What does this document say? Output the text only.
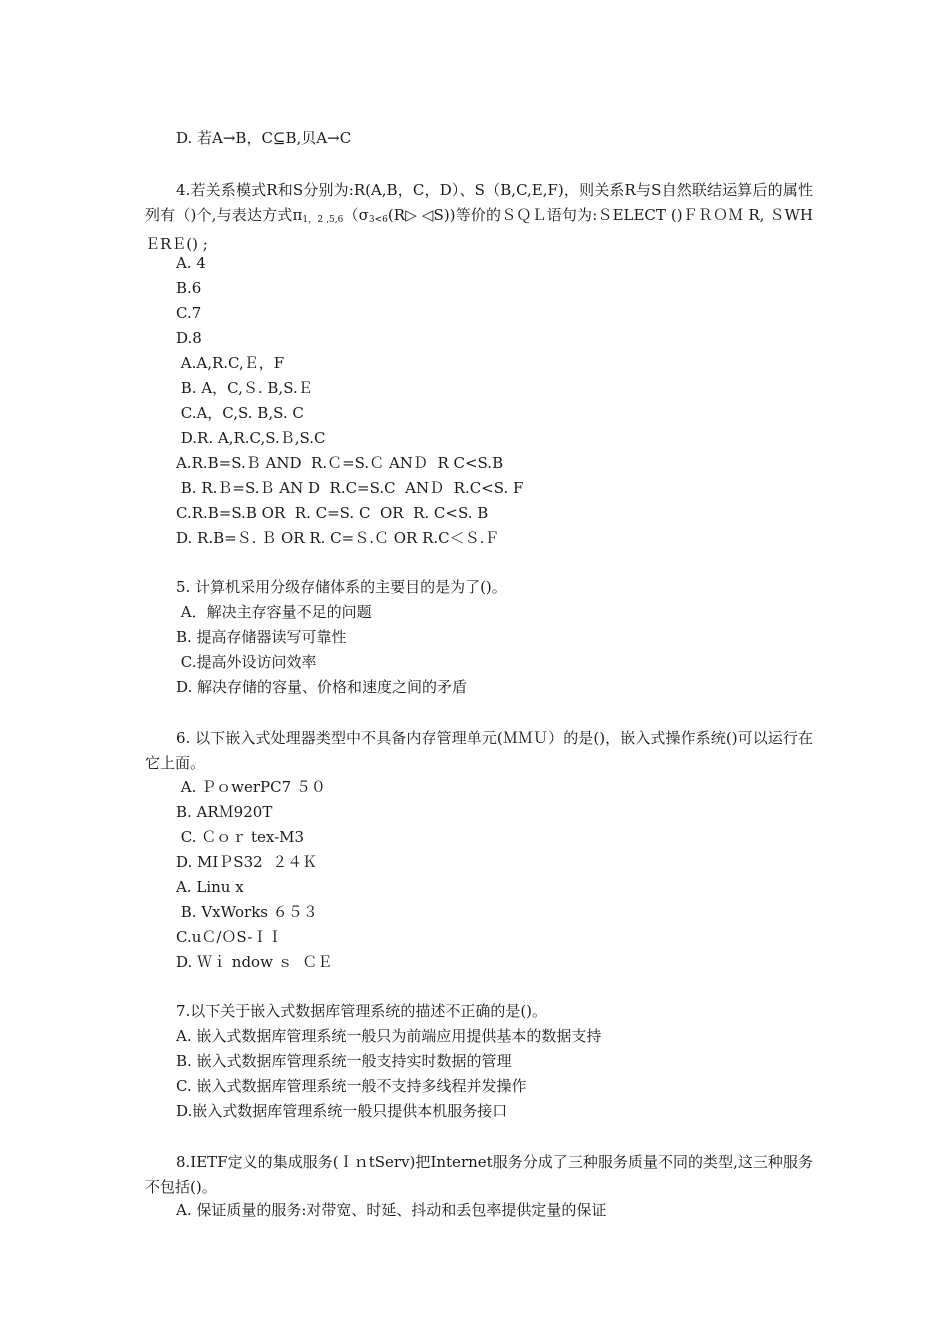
D. 若A→B，C⊆B,贝A→C
4.若关系模式R和S分别为:R(A,B，C，D）、S（B,C,E,F)，则关系R与S自然联结运算后的属性列有（)个,与表达方式$\pi_{1,2 ,5,6}(\sigma_{3<6}(R▷$ ◁S))等价的ＳＱＬ语句为:ＳELECT ()ＦＲＯＭ R, ＳWHＥRＥ() ;
A. 4
B.6
C.7
D.8
A.A,R.C,Ｅ，F
B. A，C,Ｓ. B,S.Ｅ
C.A，C,S. B,S. C
D.R. A,R.C,S.Ｂ,S.C
A.R.B=S.Ｂ AND  R.Ｃ=S.Ｃ ANＤ  R C<S.B
B. R.Ｂ=S.Ｂ AN D  R.C=S.C  ANＤ  R.C<S. F
C.R.B=S.B OR  R. C=S. C  OR  R. C<S. B
D. R.B=Ｓ. Ｂ OR R. C=Ｓ.Ｃ OR R.C＜Ｓ.Ｆ
5. 计算机采用分级存储体系的主要目的是为了()。
A．解决主存容量不足的问题
B. 提高存储器读写可靠性
C.提高外设访问效率
D. 解决存储的容量、价格和速度之间的矛盾
6. 以下嵌入式处理器类型中不具备内存管理单元(ＭＭＵ）的是()，嵌入式操作系统()可以运行在它上面。
A. ＰｏwerPC7 ５０
B. ARＭ920T
C. Ｃｏｒ tex-M3
D. MIＰS32  ２４Ｋ
A. Linu x
B. VxWorks ６５３
C.uＣ/ＯS-ＩＩ
D. Ｗｉ ndow ｓ  ＣＥ
7.以下关于嵌入式数据库管理系统的描述不正确的是()。
A. 嵌入式数据库管理系统一般只为前端应用提供基本的数据支持
B. 嵌入式数据库管理系统一般支持实时数据的管理
C. 嵌入式数据库管理系统一般不支持多线程并发操作
D.嵌入式数据库管理系统一般只提供本机服务接口
8.IETF定义的集成服务(ＩｎtServ)把Internet服务分成了三种服务质量不同的类型,这三种服务不包括()。
A. 保证质量的服务:对带宽、时延、抖动和丢包率提供定量的保证
